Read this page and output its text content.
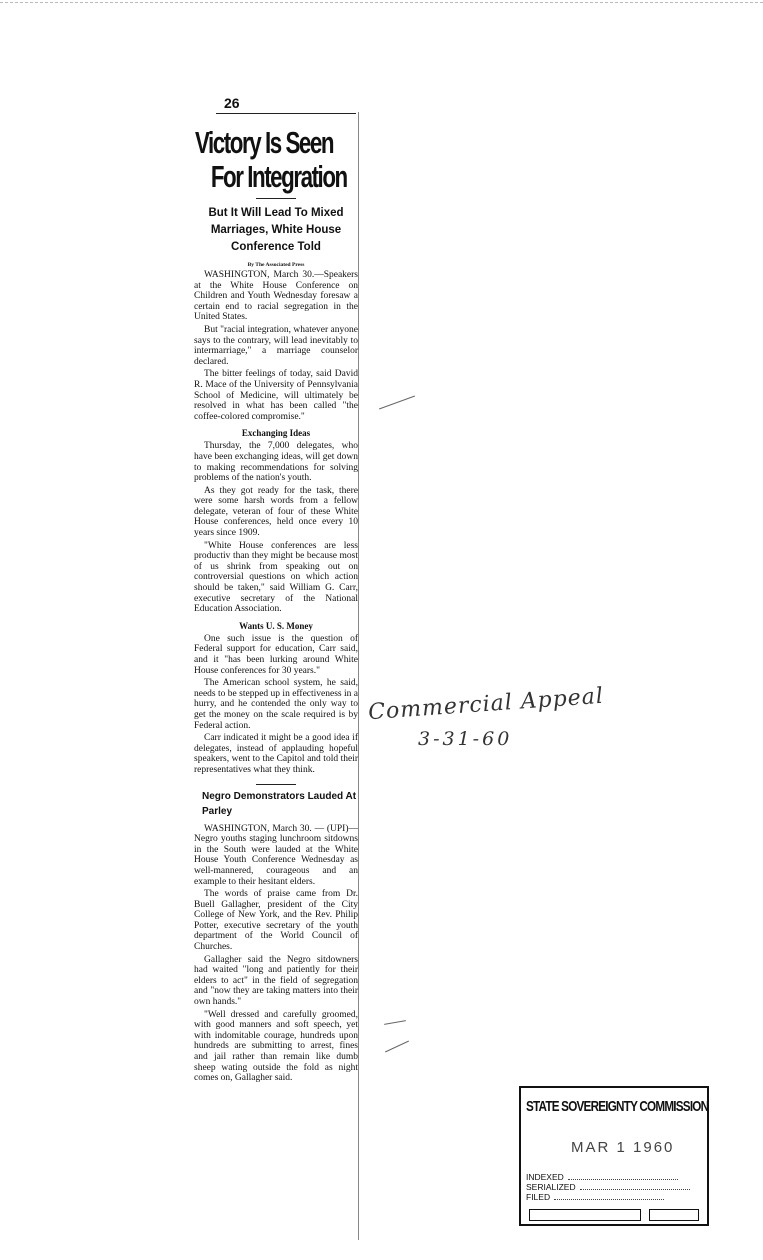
26
Victory Is Seen
For Integration
But It Will Lead To Mixed Marriages, White House Conference Told
By The Associated Press

WASHINGTON, March 30.—Speakers at the White House Conference on Children and Youth Wednesday foresaw a certain end to racial segregation in the United States.

But "racial integration, whatever anyone says to the contrary, will lead inevitably to intermarriage," a marriage counselor declared.

The bitter feelings of today, said David R. Mace of the University of Pennsylvania School of Medicine, will ultimately be resolved in what has been called "the coffee-colored compromise."

Exchanging Ideas

Thursday, the 7,000 delegates, who have been exchanging ideas, will get down to making recommendations for solving problems of the nation's youth.

As they got ready for the task, there were some harsh words from a fellow delegate, veteran of four of these White House conferences, held once every 10 years since 1909.

"White House conferences are less productiv than they might be because most of us shrink from speaking out on controversial questions on which action should be taken," said William G. Carr, executive secretary of the National Education Association.

Wants U. S. Money

One such issue is the question of Federal support for education, Carr said, and it "has been lurking around White House conferences for 30 years."

The American school system, he said, needs to be stepped up in effectiveness in a hurry, and he contended the only way to get the money on the scale required is by Federal action.

Carr indicated it might be a good idea if delegates, instead of applauding hopeful speakers, went to the Capitol and told their representatives what they think.

Negro Demonstrators Lauded At Parley

WASHINGTON, March 30. — (UPI)— Negro youths staging lunchroom sitdowns in the South were lauded at the White House Youth Conference Wednesday as well-mannered, courageous and an example to their hesitant elders.

The words of praise came from Dr. Buell Gallagher, president of the City College of New York, and the Rev. Philip Potter, executive secretary of the youth department of the World Council of Churches.

Gallagher said the Negro sitdowners had waited "long and patiently for their elders to act" in the field of segregation and "now they are taking matters into their own hands."

"Well dressed and carefully groomed, with good manners and soft speech, yet with indomitable courage, hundreds upon hundreds are submitting to arrest, fines and jail rather than remain like dumb sheep wating outside the fold as night comes on, Gallagher said.

Commercial Appeal
3-31-60
STATE SOVEREIGNTY COMMISSION
MAR 1 1960
INDEXED
SERIALIZED
FILED
